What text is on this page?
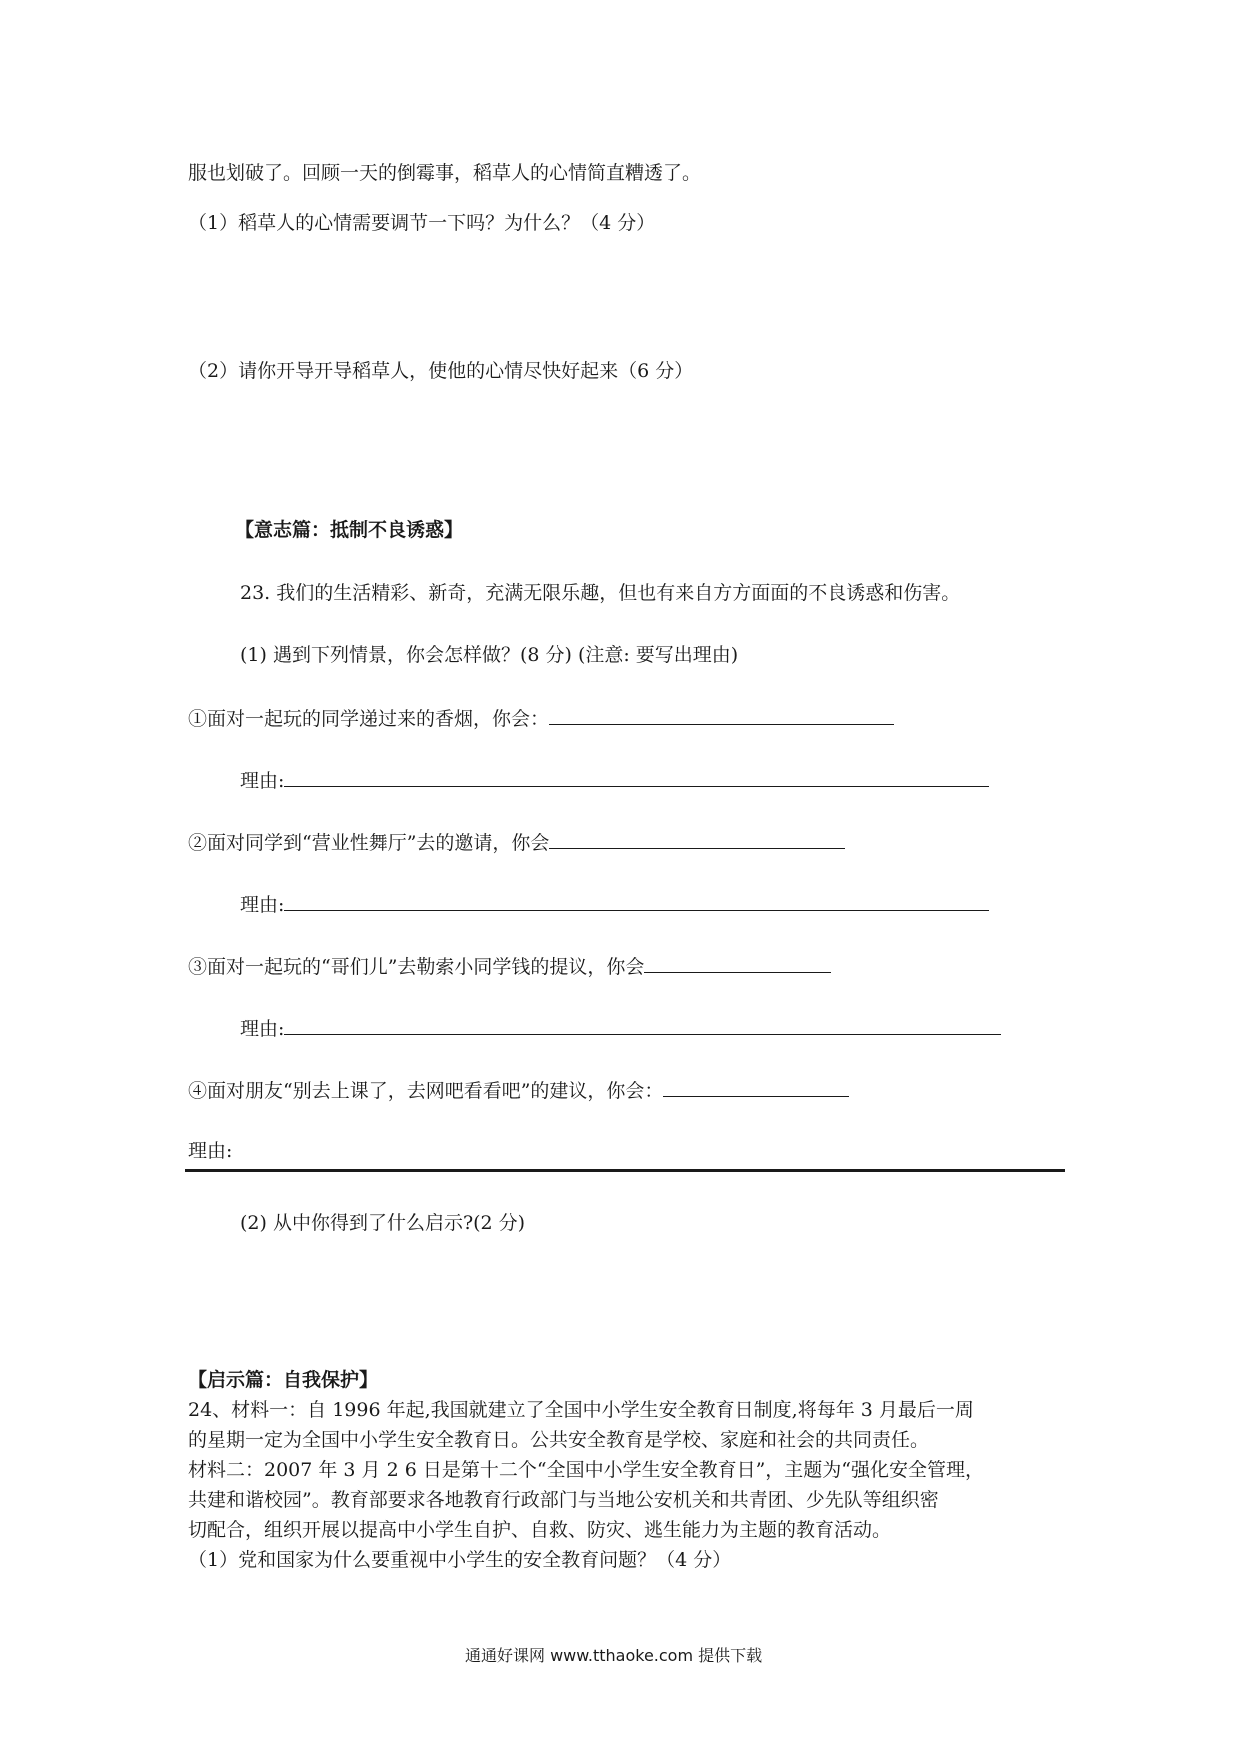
服也划破了。回顾一天的倒霉事，稻草人的心情简直糟透了。
（1）稻草人的心情需要调节一下吗？为什么？（4 分）
（2）请你开导开导稻草人，使他的心情尽快好起来（6 分）
【意志篇：抵制不良诱惑】
23. 我们的生活精彩、新奇，充满无限乐趣，但也有来自方方面面的不良诱惑和伤害。
(1) 遇到下列情景，你会怎样做？(8 分) (注意: 要写出理由)
①面对一起玩的同学递过来的香烟，你会：
理由:
②面对同学到“营业性舞厅”去的邀请，你会
理由:
③面对一起玩的“哥们儿”去勒索小同学钱的提议，你会
理由:
④面对朋友“别去上课了，去网吧看看吧”的建议，你会：
理由:
(2) 从中你得到了什么启示?(2 分)
【启示篇：自我保护】
24、材料一：自 1996 年起,我国就建立了全国中小学生安全教育日制度,将每年 3 月最后一周
的星期一定为全国中小学生安全教育日。公共安全教育是学校、家庭和社会的共同责任。
材料二：2007 年 3 月 2 6 日是第十二个“全国中小学生安全教育日”，主题为“强化安全管理，
共建和谐校园”。教育部要求各地教育行政部门与当地公安机关和共青团、少先队等组织密
切配合，组织开展以提高中小学生自护、自救、防灾、逃生能力为主题的教育活动。
（1）党和国家为什么要重视中小学生的安全教育问题？（4 分）
通通好课网 www.tthaoke.com 提供下载
